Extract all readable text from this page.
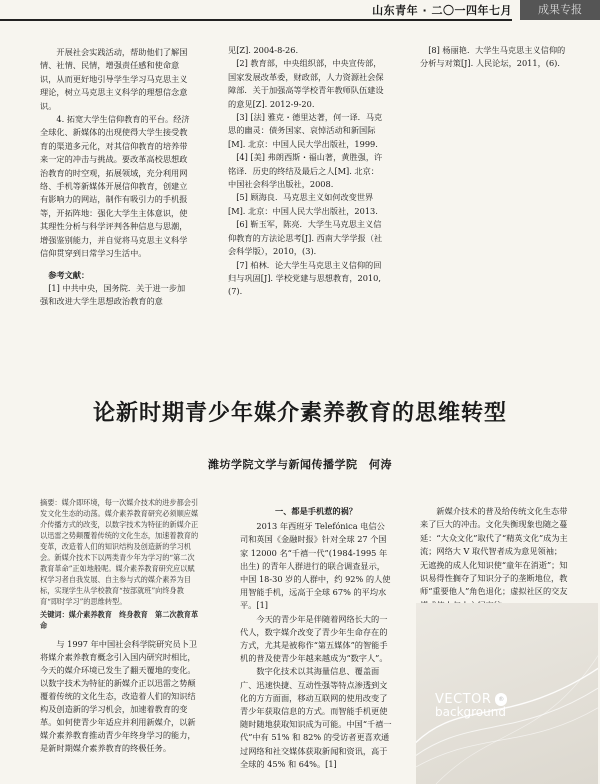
山东青年 · 二〇一四年七月	成果专报

开展社会实践活动，帮助他们了解国情、社情、民情，增强责任感和使命意识，从而更好地引导学生学习马克思主义理论，树立马克思主义科学的理想信念意识。

4. 拓宽大学生信仰教育的平台。经济全球化、新媒体的出现使得大学生接受教育的渠道多元化，对其信仰教育的培养带来一定的冲击与挑战。要改革高校思想政治教育的时空观，拓展领域，充分利用网络、手机等新媒体开展信仰教育，创建立有影响力的网站，制作有吸引力的手机报等，开拓阵地：强化大学生主体意识，使其理性分析与科学评判各种信息与思潮，增强鉴别能力，并自觉将马克思主义科学信仰贯穿到日常学习生活中。

参考文献：

[1] 中共中央，国务院．关于进一步加强和改进大学生思想政治教育的意

见[Z]. 2004-8-26.

[2] 教育部，中央组织部，中央宣传部，国家发展改革委，财政部，人力资源社会保障部．关于加强高等学校青年教师队伍建设的意见[Z]. 2012-9-20.

[3] [法] 雅克・德里达著，何一译．马克思的幽灵：债务国家、哀悼活动和新国际[M]. 北京：中国人民大学出版社，1999.

[4] [美] 弗朗西斯・福山著，黄胜强，许铭译．历史的终结及最后之人[M]. 北京：中国社会科学出版社，2008.

[5] 顾海良．马克思主义如何改变世界[M]. 北京：中国人民大学出版社，2013.

[6] 靳玉军，陈亮．大学生马克思主义信仰教育的方法论思考[J]. 西南大学学报（社会科学版），2010，(3)．

[7] 柏林．论大学生马克思主义信仰的回归与巩固[J]. 学校党建与思想教育，2010, (7).

[8] 杨丽艳．大学生马克思主义信仰的分析与对策[J]. 人民论坛，2011，(6)．

论新时期青少年媒介素养教育的思维转型
潍坊学院文学与新闻传播学院　何涛

摘要：媒介即环境，每一次媒介技术的进步都会引发文化生态的动荡。媒介素养教育研究必须顺应媒介传播方式的改变，以数字技术为特征的新媒介正以迅雷之势颠覆着传统的文化生态，加速着教育的变革，改造着人们的知识结构及创造新的学习机会。新媒介技术下以两类青少年为学习的“第二次教育革命”正如地般呢。媒介素养教育研究应以赋权学习者自我发展、自主参与式的媒介素养为目标，实现学生从学校教育“按部就班”向终身教育“即时学习”的思维转型。

关键词：媒介素养教育　终身教育　第二次教育革命

与 1997 年中国社会科学院研究员卜卫将媒介素养教育概念引入国内研究时相比，今天的媒介环境已发生了翻天覆地的变化。以数字技术为特征的新媒介正以迅雷之势颠覆着传统的文化生态，改造着人们的知识结构及创造新的学习机会，加速着教育的变革。如何使青少年适应并利用新媒介，以新媒介素养教育推动青少年终身学习的能力，是新时期媒介素养教育的终极任务。

一、都是手机惹的祸？

2013 年西班牙 Telefónica 电信公司和英国《金融时报》针对全球 27 个国家 12000 名“千禧一代”(1984-1995 年出生) 的青年人群进行的联合调查显示，中国 18-30 岁的人群中，约 92% 的人使用智能手机，远高于全球 67% 的平均水平。[1]

今天的青少年是伴随着网络长大的一代人，数字媒介改变了青少年生命存在的方式，尤其是被称作“第五媒体”的智能手机的普及使青少年越来越成为“数字人”。

数字化技术以其海量信息、覆盖面广、迅速快捷、互动性强等特点渗透到文化的方方面面，移动互联网的使用改变了青少年获取信息的方式。而智能手机更使随时随地获取知识成为可能。中国“千禧一代”中有 51% 和 82% 的受访者更喜欢通过网络和社交媒体获取新闻和资讯，高于全球的 45% 和 64%。[1]

新媒介技术的普及给传统文化生态带来了巨大的冲击。文化失衡现象也随之蔓延：“大众文化”取代了“精英文化”成为主流；网络大 V 取代智者成为意见领袖；无遮挽的成人化知识使“童年在消逝”；知识易得性搁夺了知识分子的垄断地位，教师“重要他人”角色退化；虚拟社区的交友

VECTOR ®
background
